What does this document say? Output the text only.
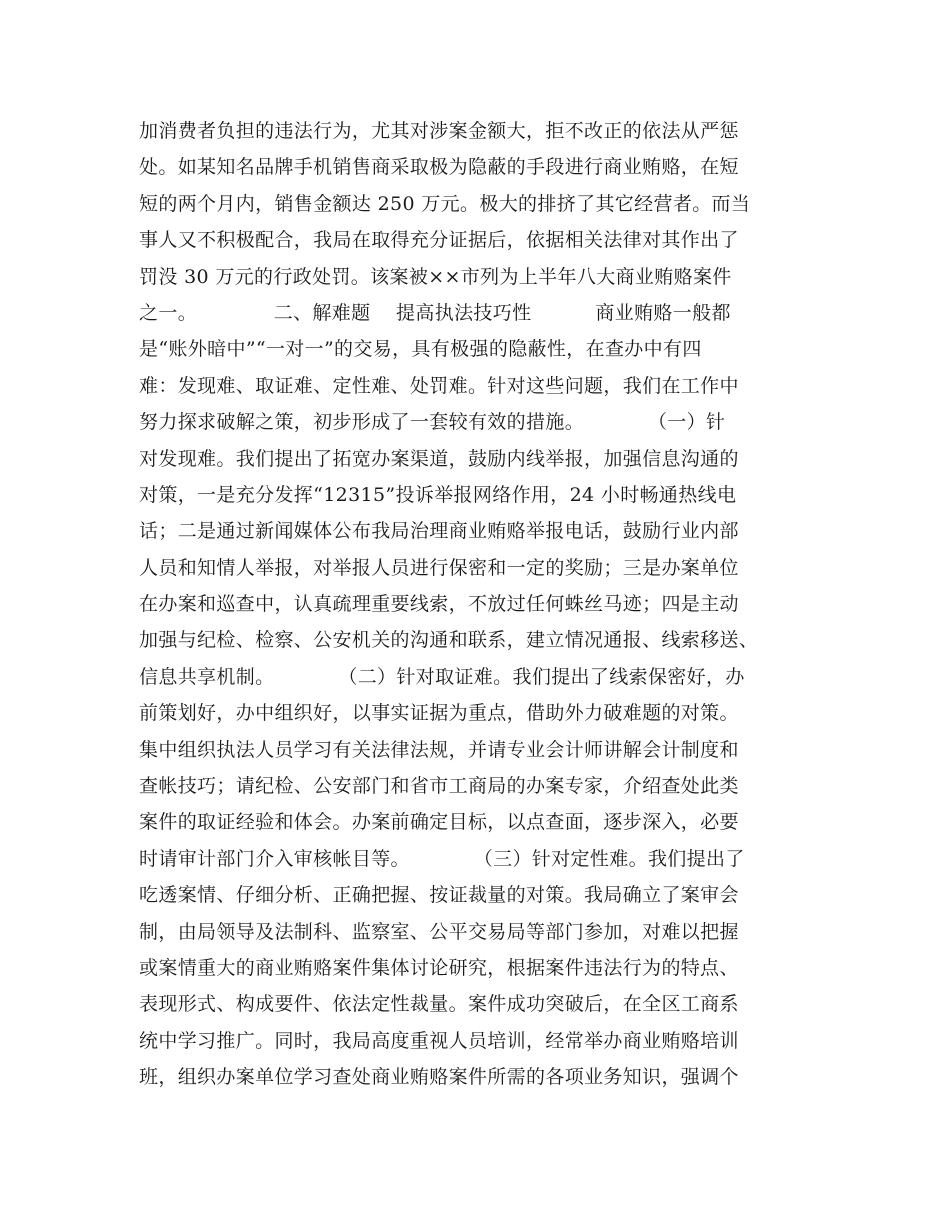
加消费者负担的违法行为，尤其对涉案金额大，拒不改正的依法从严惩
处。如某知名品牌手机销售商采取极为隐蔽的手段进行商业贿赂，在短
短的两个月内，销售金额达 250 万元。极大的排挤了其它经营者。而当
事人又不积极配合，我局在取得充分证据后，依据相关法律对其作出了
罚没 30 万元的行政处罚。该案被××市列为上半年八大商业贿赂案件
之一。            二、解难题    提高执法技巧性          商业贿赂一般都
是“账外暗中”“一对一”的交易，具有极强的隐蔽性，在查办中有四
难：发现难、取证难、定性难、处罚难。针对这些问题，我们在工作中
努力探求破解之策，初步形成了一套较有效的措施。          （一）针
对发现难。我们提出了拓宽办案渠道，鼓励内线举报，加强信息沟通的
对策，一是充分发挥“12315”投诉举报网络作用，24 小时畅通热线电
话；二是通过新闻媒体公布我局治理商业贿赂举报电话，鼓励行业内部
人员和知情人举报，对举报人员进行保密和一定的奖励；三是办案单位
在办案和巡查中，认真疏理重要线索，不放过任何蛛丝马迹；四是主动
加强与纪检、检察、公安机关的沟通和联系，建立情况通报、线索移送、
信息共享机制。          （二）针对取证难。我们提出了线索保密好，办
前策划好，办中组织好，以事实证据为重点，借助外力破难题的对策。
集中组织执法人员学习有关法律法规，并请专业会计师讲解会计制度和
查帐技巧；请纪检、公安部门和省市工商局的办案专家，介绍查处此类
案件的取证经验和体会。办案前确定目标，以点查面，逐步深入，必要
时请审计部门介入审核帐目等。          （三）针对定性难。我们提出了
吃透案情、仔细分析、正确把握、按证裁量的对策。我局确立了案审会
制，由局领导及法制科、监察室、公平交易局等部门参加，对难以把握
或案情重大的商业贿赂案件集体讨论研究，根据案件违法行为的特点、
表现形式、构成要件、依法定性裁量。案件成功突破后，在全区工商系
统中学习推广。同时，我局高度重视人员培训，经常举办商业贿赂培训
班，组织办案单位学习查处商业贿赂案件所需的各项业务知识，强调个
